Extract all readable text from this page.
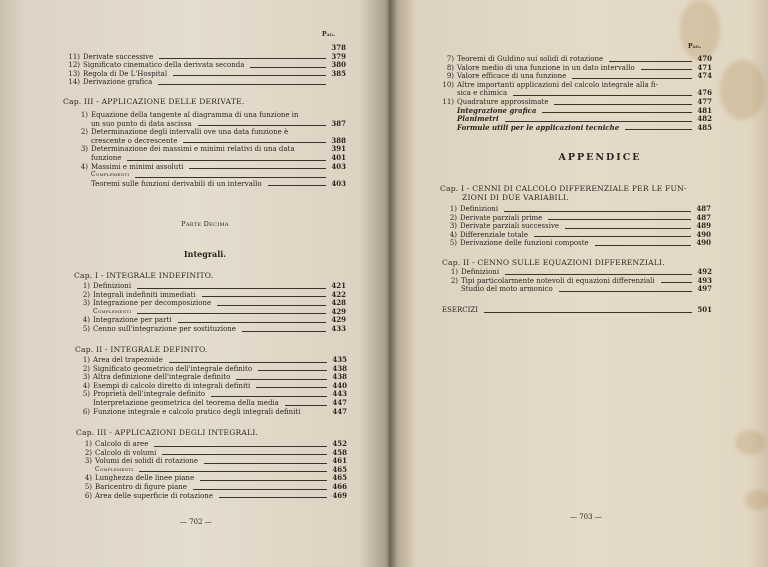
Pag.
378
11) Derivate successive	379
12) Significato cinematico della derivata seconda	380
13) Regola di De L'Hospital	385
14) Derivazione grafica
Cap. III - APPLICAZIONE DELLE DERIVATE.
1) Equazione della tangente al diagramma di una funzione in
un suo punto di data ascissa	387
2) Determinazione degli intervalli ove una data funzione è
crescente o decrescente	388
3) Determinazione dei massimi e minimi relativi di una data	391
funzione	401
4) Massimi e minimi assoluti	403
Complementi
Teoremi sulle funzioni derivabili di un intervallo	403
Parte Decima
Integrali.
Cap. I - INTEGRALE INDEFINITO.
1) Definizioni	421
2) Integrali indefiniti immediati	422
3) Integrazione per decomposizione	428
Complementi	429
4) Integrazione per parti	429
5) Cenno sull'integrazione per sostituzione	433
Cap. II - INTEGRALE DEFINITO.
1) Area del trapezoide	435
2) Significato geometrico dell'integrale definito	438
3) Altra definizione dell'integrale definito	438
4) Esempi di calcolo diretto di integrali definiti	440
5) Proprietà dell'integrale definito	443
Interpretazione geometrica del teorema della media	447
6) Funzione integrale e calcolo pratico degli integrali definiti	447
Cap. III - APPLICAZIONI DEGLI INTEGRALI.
1) Calcolo di aree	452
2) Calcolo di volumi	458
3) Volumi dei solidi di rotazione	461
Complementi	465
4) Lunghezza delle linee piane	465
5) Baricentro di figure piane	466
6) Area delle superficie di rotazione	469
— 702 —
Pag.
7) Teoremi di Guldino sui solidi di rotazione	470
8) Valore medio di una funzione in un dato intervallo	471
9) Valore efficace di una funzione	474
10) Altre importanti applicazioni del calcolo integrale alla fi-
sica e chimica	476
11) Quadrature approssimate	477
Integrazione grafica	481
Planimetri	482
Formule utili per le applicazioni tecniche	485
APPENDICE
Cap. I - CENNI DI CALCOLO DIFFERENZIALE PER LE FUN-
ZIONI DI DUE VARIABILI.
1) Definizioni	487
2) Derivate parziali prime	487
3) Derivate parziali successive	489
4) Differenziale totale	490
5) Derivazione delle funzioni composte	490
Cap. II - CENNO SULLE EQUAZIONI DIFFERENZIALI.
1) Definizioni	492
2) Tipi particolarmente notevoli di equazioni differenziali	493
Studio del moto armonico	497
ESERCIZI	501
— 703 —
